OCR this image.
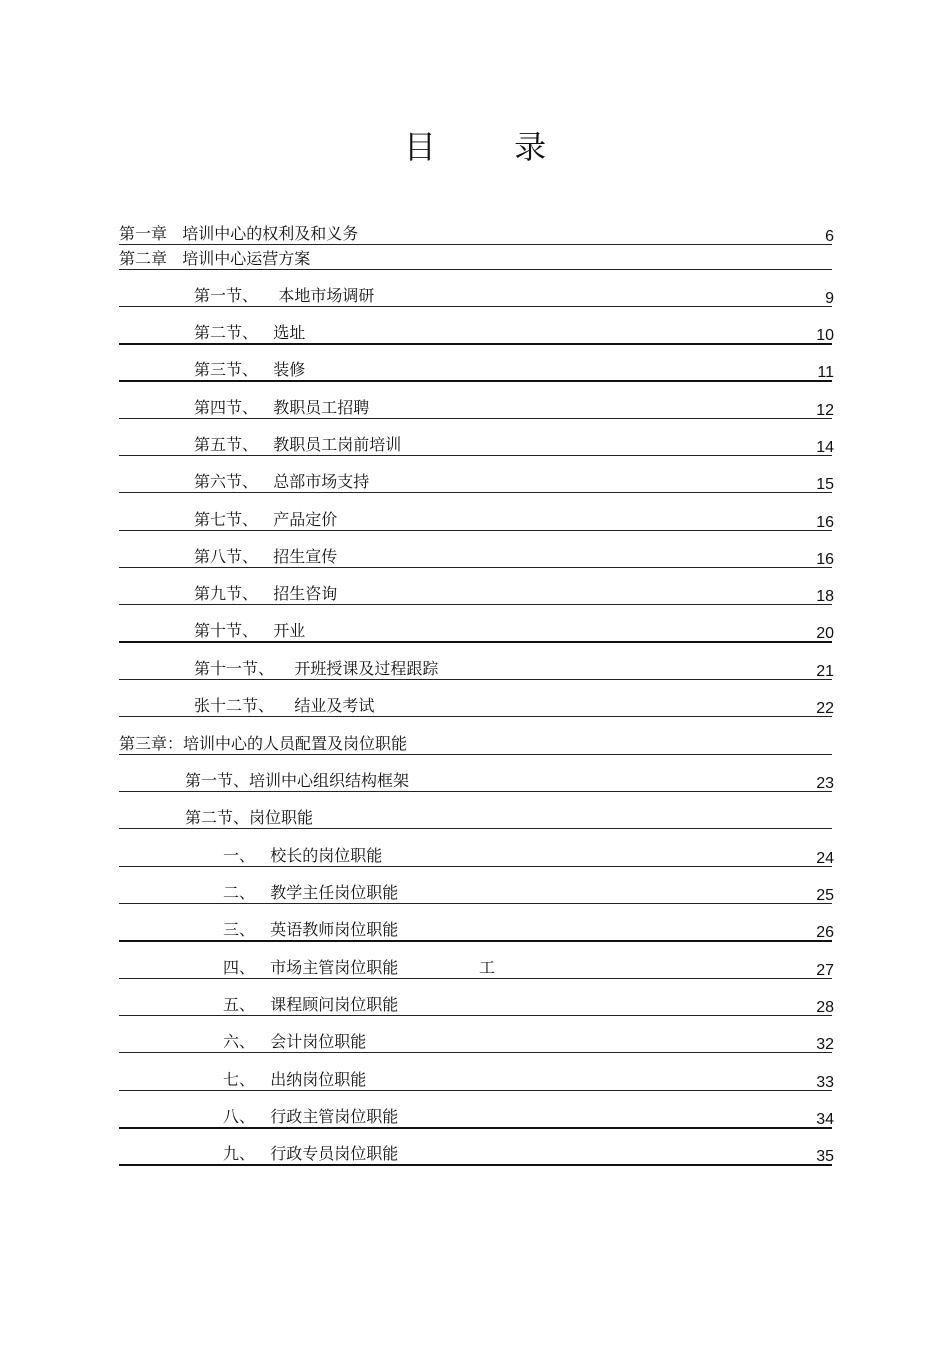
目 录
第一章   培训中心的权利及和义务	6
第二章   培训中心运营方案
第一节、    本地市场调研	9
第二节、   选址	10
第三节、   装修	11
第四节、   教职员工招聘	12
第五节、   教职员工岗前培训	14
第六节、   总部市场支持	15
第七节、   产品定价	16
第八节、   招生宣传	16
第九节、   招生咨询	18
第十节、   开业	20
第十一节、    开班授课及过程跟踪	21
张十二节、    结业及考试	22
第三章：培训中心的人员配置及岗位职能
第一节、培训中心组织结构框架	23
第二节、岗位职能
一、   校长的岗位职能	24
二、   教学主任岗位职能	25
三、   英语教师岗位职能	26
四、   市场主管岗位职能	工	27
五、   课程顾问岗位职能	28
六、   会计岗位职能	32
七、   出纳岗位职能	33
八、   行政主管岗位职能	34
九、   行政专员岗位职能	35
